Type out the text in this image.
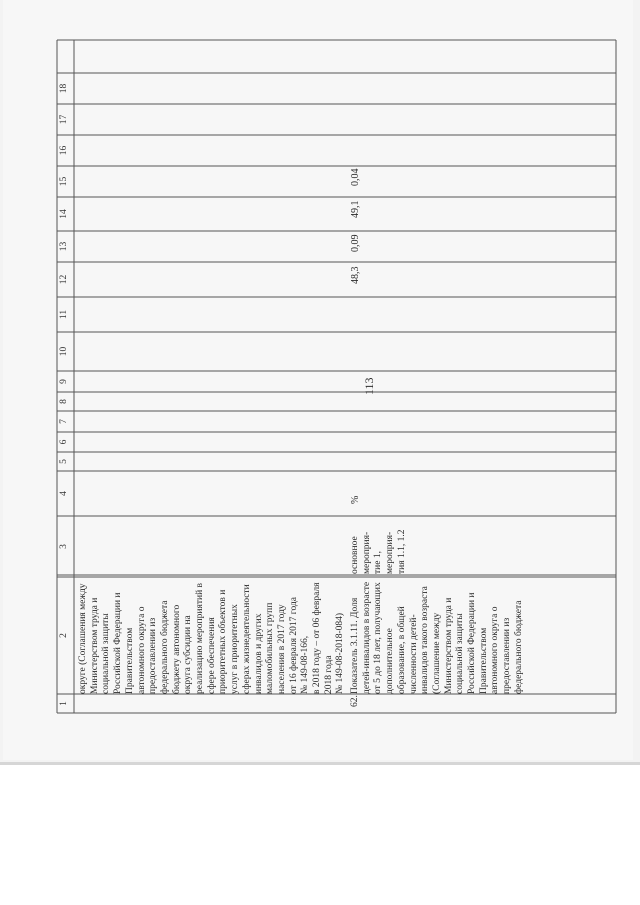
113
62.
%
48,3
0,09
49,1
0,04
1
2
3
4
5
6
7
8
9
10
11
12
13
14
15
16
17
18
округе (Соглашения между Министерством труда и социальной защиты Российской Федерации и Правительством автономного округа о предоставлении из федерального бюджета бюджету автономного округа субсидии на реализацию мероприятий в сфере обеспечения приоритетных объектов и услуг в приоритетных сферах жизнедеятельности инвалидов и других маломобильных групп населения в 2017 году от 16 февраля 2017 года № 149-08-166, в 2018 году – от 06 февраля 2018 года № 149-08-2018-084) Показатель 3.1.11. Доля детей-инвалидов в возрасте от 5 до 18 лет, получающих дополнительное образование, в общей численности детей- инвалидов такого возраста (Соглашение между Министерством труда и социальной защиты Российской Федерации и Правительством автономного округа о предоставлении из федерального бюджета
основное мероприя- тие 1, мероприя- тия 1.1, 1.2
